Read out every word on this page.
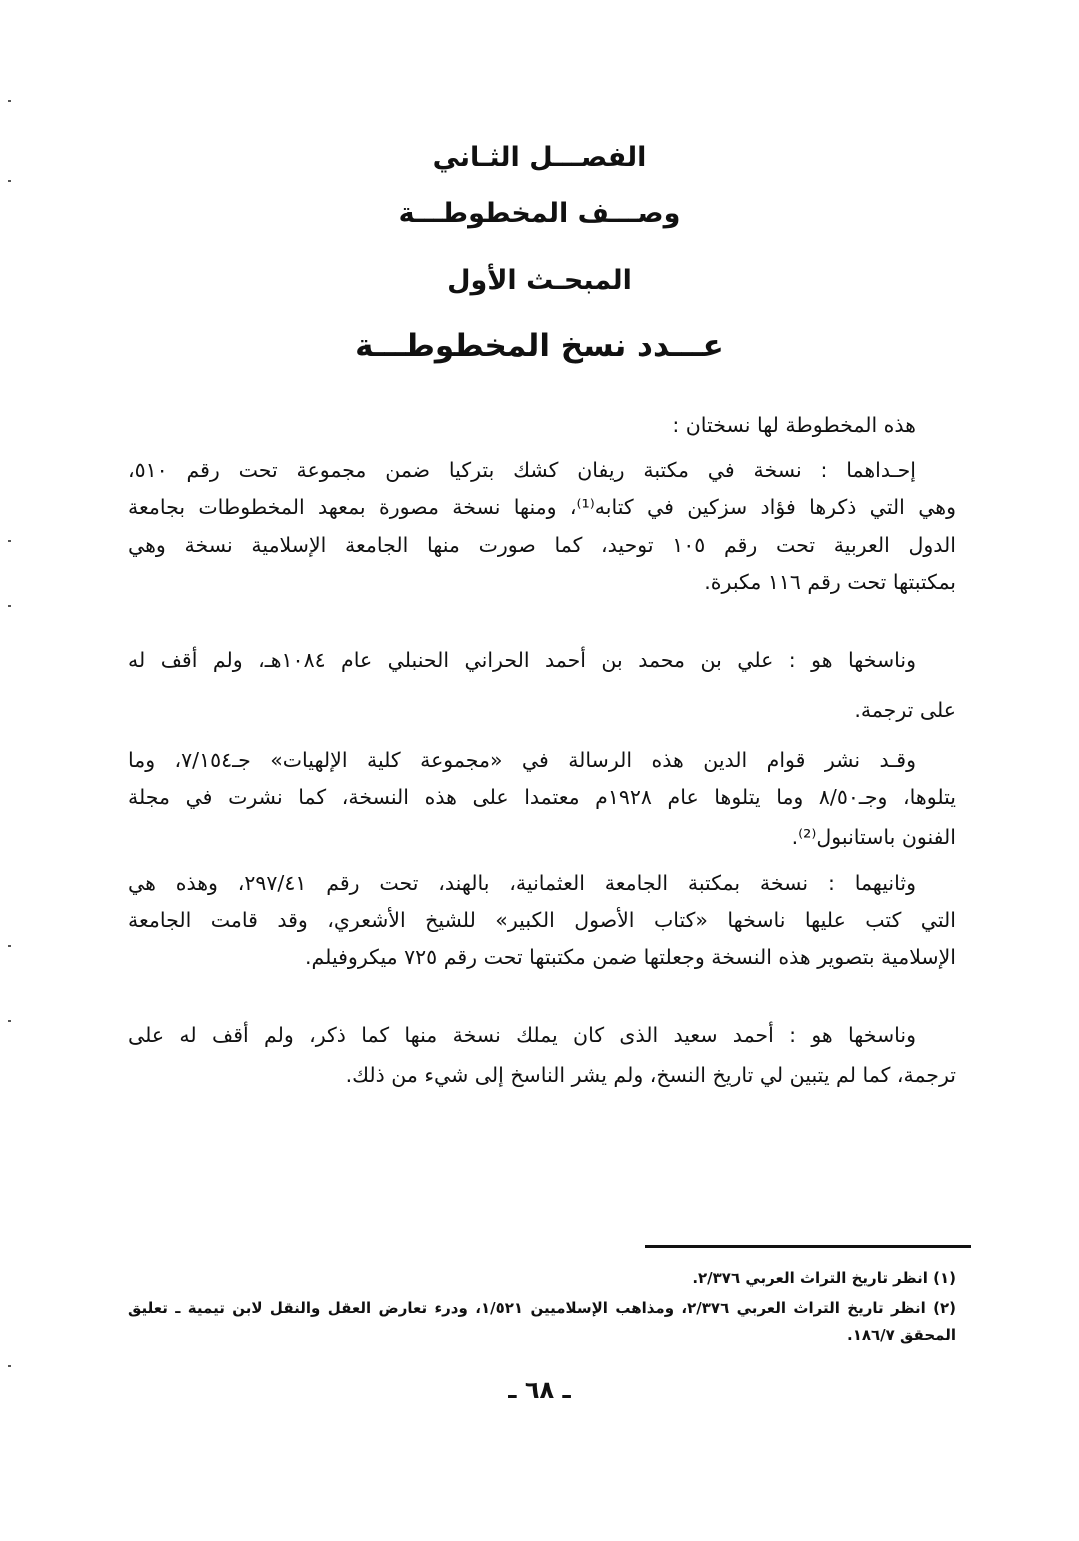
الفصـــل الثـاني
وصـــف المخطوطـــة
المبحـث الأول
عـــدد نسخ المخطوطـــة
هذه المخطوطة لها نسختان :
إحـداهما : نسخة في مكتبة ريفان كشك بتركيا ضمن مجموعة تحت رقم ٥١٠،
وهي التي ذكرها فؤاد سزكين في كتابه⁽¹⁾، ومنها نسخة مصورة بمعهد المخطوطات بجامعة
الدول العربية تحت رقم ١٠٥ توحيد، كما صورت منها الجامعة الإسلامية نسخة وهي
بمكتبتها تحت رقم ١١٦ مكبرة.
وناسخها هو : علي بن محمد بن أحمد الحراني الحنبلي عام ١٠٨٤هـ، ولم أقف له
على ترجمة.
وقـد نشر قوام الدين هذه الرسالة في «مجموعة كلية الإلهيات» جـ٧/١٥٤، وما
يتلوها، وجـ٨/٥٠ وما يتلوها عام ١٩٢٨م معتمدا على هذه النسخة، كما نشرت في مجلة
الفنون باستانبول⁽²⁾.
وثانيهما : نسخة بمكتبة الجامعة العثمانية، بالهند، تحت رقم ٢٩٧/٤١، وهذه هي
التي كتب عليها ناسخها «كتاب الأصول الكبير» للشيخ الأشعري، وقد قامت الجامعة
الإسلامية بتصوير هذه النسخة وجعلتها ضمن مكتبتها تحت رقم ٧٢٥ ميكروفيلم.
وناسخها هو : أحمد سعيد الذى كان يملك نسخة منها كما ذكر، ولم أقف له على
ترجمة، كما لم يتبين لي تاريخ النسخ، ولم يشر الناسخ إلى شيء من ذلك.
(١) انظر تاريخ التراث العربي ٢/٣٧٦.
(٢) انظر تاريخ التراث العربي ٢/٣٧٦، ومذاهب الإسلاميين ١/٥٢١، ودرء تعارض العقل والنقل لابن تيمية ـ تعليق
المحقق ١٨٦/٧.
ـ ٦٨ ـ
